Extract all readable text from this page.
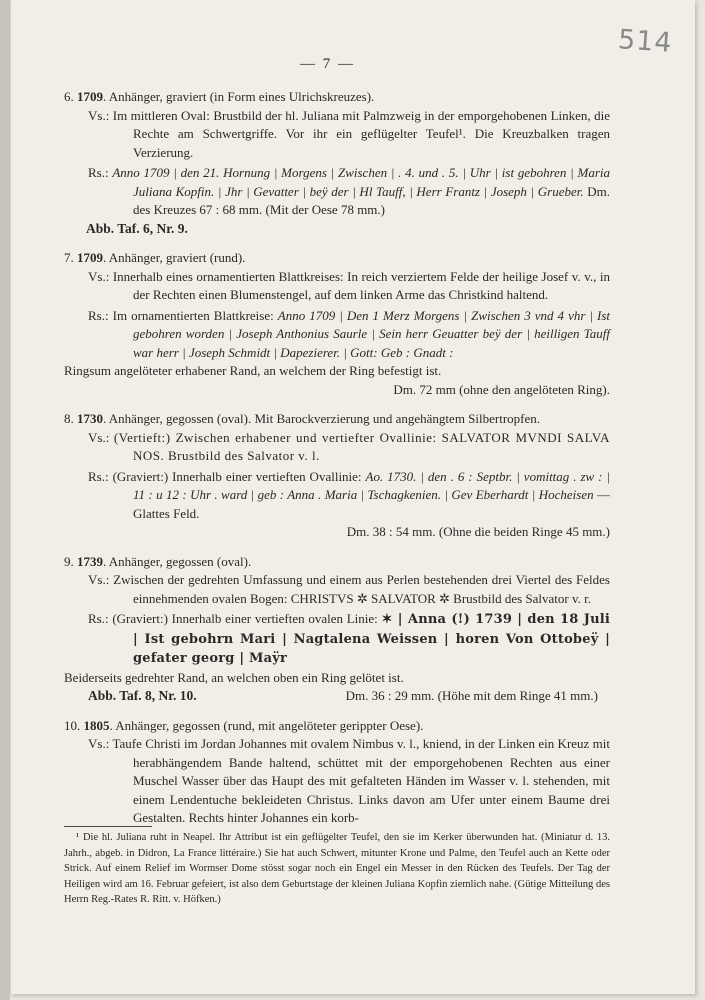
514
— 7 —
6. 1709. Anhänger, graviert (in Form eines Ulrichskreuzes).
Vs.: Im mittleren Oval: Brustbild der hl. Juliana mit Palmzweig in der emporgehobenen Linken, die Rechte am Schwertgriffe. Vor ihr ein geflügelter Teufel¹. Die Kreuzbalken tragen Verzierung.
Rs.: Anno 1709 | den 21. Hornung | Morgens | Zwischen | . 4. und . 5. | Uhr | ist gebohren | Maria Juliana Kopfin. | Jhr | Gevatter | beÿ der | Hl Tauff, | Herr Frantz | Joseph | Grueber. Dm. des Kreuzes 67 : 68 mm. (Mit der Oese 78 mm.)
Abb. Taf. 6, Nr. 9.
7. 1709. Anhänger, graviert (rund).
Vs.: Innerhalb eines ornamentierten Blattkreises: In reich verziertem Felde der heilige Josef v. v., in der Rechten einen Blumenstengel, auf dem linken Arme das Christkind haltend.
Rs.: Im ornamentierten Blattkreise: Anno 1709 | Den 1 Merz Morgens | Zwischen 3 vnd 4 vhr | Ist gebohren worden | Joseph Anthonius Saurle | Sein herr Geuatter beÿ der | heilligen Tauff war herr | Joseph Schmidt | Dapezierer. | Gott: Geb : Gnadt :
Ringsum angelöteter erhabener Rand, an welchem der Ring befestigt ist.
Dm. 72 mm (ohne den angelöteten Ring).
8. 1730. Anhänger, gegossen (oval). Mit Barockverzierung und angehängtem Silbertropfen.
Vs.: (Vertieft:) Zwischen erhabener und vertiefter Ovallinie: SALVATOR MVNDI SALVA NOS. Brustbild des Salvator v. l.
Rs.: (Graviert:) Innerhalb einer vertieften Ovallinie: Ao. 1730. | den . 6 : Septbr. | vomittag . zw : | 11 : u 12 : Uhr . ward | geb : Anna . Maria | Tschagkenien. | Gev Eberhardt | Hocheisen — Glattes Feld.
Dm. 38 : 54 mm. (Ohne die beiden Ringe 45 mm.)
9. 1739. Anhänger, gegossen (oval).
Vs.: Zwischen der gedrehten Umfassung und einem aus Perlen bestehenden drei Viertel des Feldes einnehmenden ovalen Bogen: CHRISTVS ✲ SALVATOR ✲ Brustbild des Salvator v. r.
Rs.: (Graviert:) Innerhalb einer vertieften ovalen Linie: ✶ | Anna (!) 1739 | den 18 Juli | Ist gebohrn Mari | Nagtalena Weissen | horen Von Ottobeÿ | gefater georg | Maÿr
Beiderseits gedrehter Rand, an welchen oben ein Ring gelötet ist.
Abb. Taf. 8, Nr. 10.	Dm. 36 : 29 mm. (Höhe mit dem Ringe 41 mm.)
10. 1805. Anhänger, gegossen (rund, mit angelöteter gerippter Oese).
Vs.: Taufe Christi im Jordan Johannes mit ovalem Nimbus v. l., kniend, in der Linken ein Kreuz mit herabhängendem Bande haltend, schüttet mit der emporgehobenen Rechten aus einer Muschel Wasser über das Haupt des mit gefalteten Händen im Wasser v. l. stehenden, mit einem Lendentuche bekleideten Christus. Links davon am Ufer unter einem Baume drei Gestalten. Rechts hinter Johannes ein korb-
¹ Die hl. Juliana ruht in Neapel. Ihr Attribut ist ein geflügelter Teufel, den sie im Kerker überwunden hat. (Miniatur d. 13. Jahrh., abgeb. in Didron, La France littéraire.) Sie hat auch Schwert, mitunter Krone und Palme, den Teufel auch an Kette oder Strick. Auf einem Relief im Wormser Dome stösst sogar noch ein Engel ein Messer in den Rücken des Teufels. Der Tag der Heiligen wird am 16. Februar gefeiert, ist also dem Geburtstage der kleinen Juliana Kopfin ziemlich nahe. (Gütige Mitteilung des Herrn Reg.-Rates R. Ritt. v. Höfken.)
